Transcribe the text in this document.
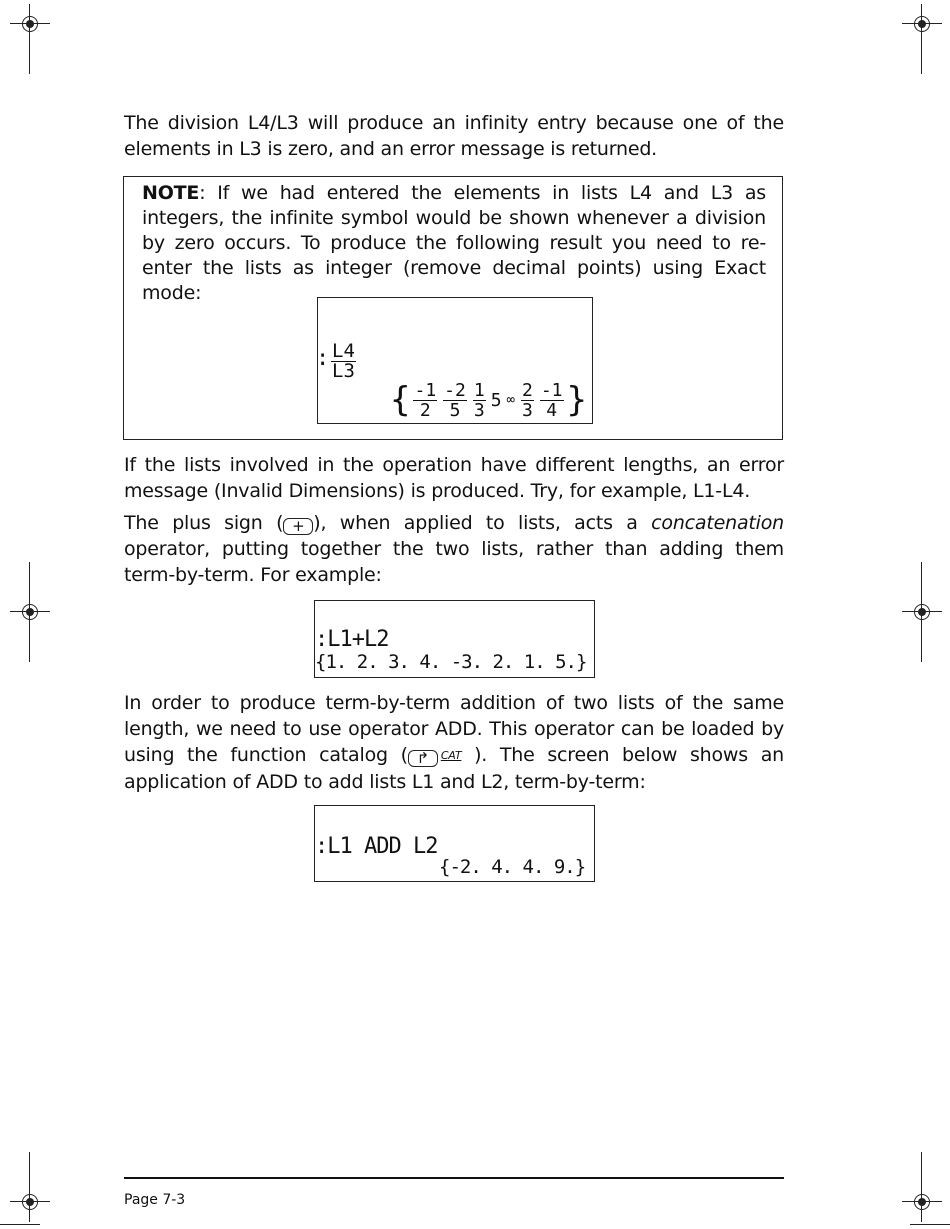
The division L4/L3 will produce an infinity entry because one of the elements in L3 is zero, and an error message is returned.
NOTE: If we had entered the elements in lists L4 and L3 as integers, the infinite symbol would be shown whenever a division by zero occurs. To produce the following result you need to re-enter the lists as integer (remove decimal points) using Exact mode:
: $\frac{L4}{L3}$
{ $\frac{-1}{2} \frac{-2}{5} \frac{1}{3} 5$ ∞ $\frac{2}{3} \frac{-1}{4}$ }
If the lists involved in the operation have different lengths, an error message (Invalid Dimensions) is produced. Try, for example, L1-L4.
The plus sign ( + ), when applied to lists, acts a concatenation operator, putting together the two lists, rather than adding them term-by-term. For example:
:L1+L2
{1. 2. 3. 4. -3. 2. 1. 5.}
In order to produce term-by-term addition of two lists of the same length, we need to use operator ADD. This operator can be loaded by using the function catalog ( ↱ CAT ). The screen below shows an application of ADD to add lists L1 and L2, term-by-term:
:L1 ADD L2
{-2. 4. 4. 9.}
Page 7-3
